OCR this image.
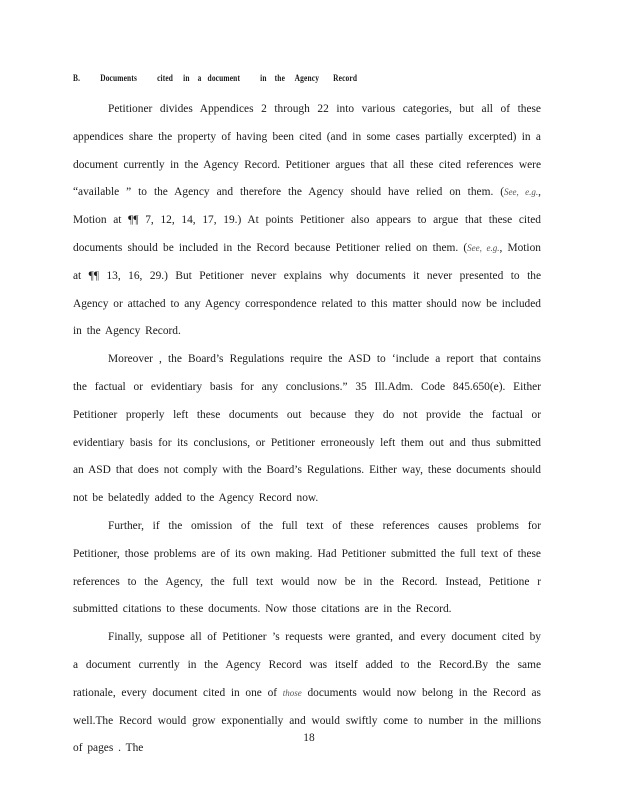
B.          Documents          cited     in    a   document          in    the     Agency       Record

Petitioner divides Appendices 2 through 22 into various categories, but all of these appendices share the property of having been cited (and in some cases partially excerpted) in a document currently in the Agency Record. Petitioner argues that all these cited references were “available ” to the Agency and therefore the Agency should have relied on them. (See, e.g., Motion at ¶¶ 7, 12, 14, 17, 19.) At points Petitioner also appears to argue that these cited documents should be included in the Record because Petitioner relied on them. (See, e.g., Motion at ¶¶ 13, 16, 29.) But Petitioner never explains why documents it never presented to the Agency or attached to any Agency correspondence related to this matter should now be included in the Agency Record.

Moreover , the Board’s Regulations require the ASD to ‘include a report that contains the factual or evidentiary basis for any conclusions.” 35 Ill.Adm. Code 845.650(e). Either Petitioner properly left these documents out because they do not provide the factual or evidentiary basis for its conclusions, or Petitioner erroneously left them out and thus submitted an ASD that does not comply with the Board’s Regulations. Either way, these documents should not be belatedly added to the Agency Record now.

Further, if the omission of the full text of these references causes problems for Petitioner, those problems are of its own making. Had Petitioner submitted the full text of these references to the Agency, the full text would now be in the Record. Instead, Petitione r submitted citations to these documents. Now those citations are in the Record.

Finally, suppose all of Petitioner ’s requests were granted, and every document cited by a document currently in the Agency Record was itself added to the Record.By the same rationale, every document cited in one of those documents would now belong in the Record as well.The Record would grow exponentially and would swiftly come to number in the millions of pages . The

18
